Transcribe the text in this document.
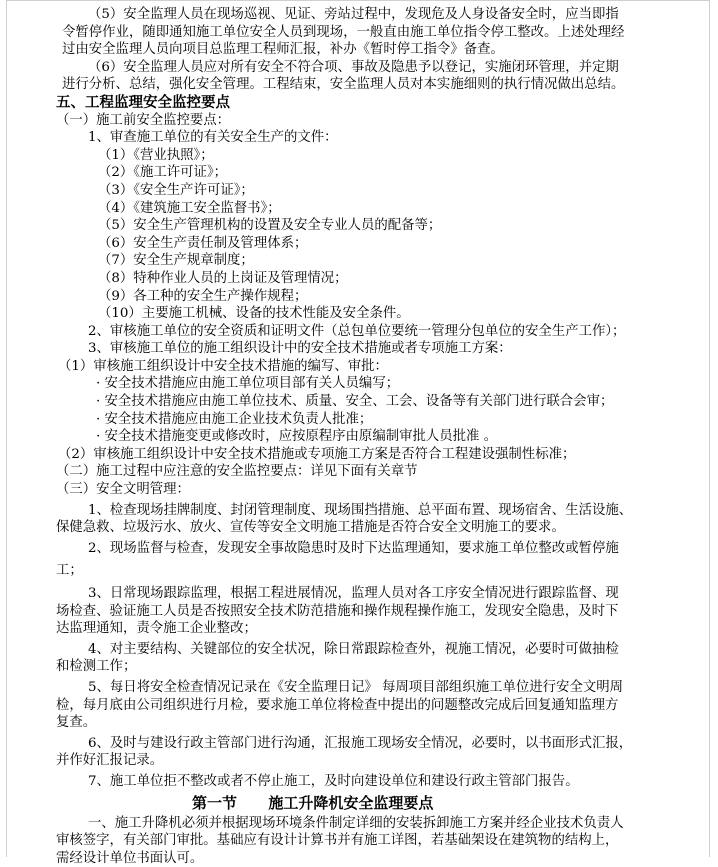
（5）安全监理人员在现场巡视、见证、旁站过程中，发现危及人身设备安全时，应当即指
令暂停作业，随即通知施工单位安全人员到现场，一般直由施工单位指令停工整改。上述处理经
过由安全监理人员向项目总监理工程师汇报，补办《暂时停工指令》备查。
（6）安全监理人员应对所有安全不符合项、事故及隐患予以登记，实施闭环管理，并定期
进行分析、总结，强化安全管理。工程结束，安全监理人员对本实施细则的执行情况做出总结。
五、工程监理安全监控要点
（一）施工前安全监控要点：
1、审查施工单位的有关安全生产的文件：
（1）《营业执照》；
（2）《施工许可证》；
（3）《安全生产许可证》；
（4）《建筑施工安全监督书》；
（5）安全生产管理机构的设置及安全专业人员的配备等；
（6）安全生产责任制及管理体系；
（7）安全生产规章制度；
（8）特种作业人员的上岗证及管理情况；
（9）各工种的安全生产操作规程；
（10）主要施工机械、设备的技术性能及安全条件。
2、审核施工单位的安全资质和证明文件（总包单位要统一管理分包单位的安全生产工作）；
3、审核施工单位的施工组织设计中的安全技术措施或者专项施工方案：
（1）审核施工组织设计中安全技术措施的编写、审批：
· 安全技术措施应由施工单位项目部有关人员编写；
· 安全技术措施应由施工单位技术、质量、安全、工会、设备等有关部门进行联合会审；
· 安全技术措施应由施工企业技术负责人批准；
· 安全技术措施变更或修改时，应按原程序由原编制审批人员批准 。
（2）审核施工组织设计中安全技术措施或专项施工方案是否符合工程建设强制性标准；
（二）施工过程中应注意的安全监控要点：详见下面有关章节
（三）安全文明管理：
1、检查现场挂牌制度、封闭管理制度、现场围挡措施、总平面布置、现场宿舍、生活设施、
保健急救、垃圾污水、放火、宣传等安全文明施工措施是否符合安全文明施工的要求。
2、现场监督与检查，发现安全事故隐患时及时下达监理通知，要求施工单位整改或暂停施
工；
3、日常现场跟踪监理，根据工程进展情况，监理人员对各工序安全情况进行跟踪监督、现
场检查、验证施工人员是否按照安全技术防范措施和操作规程操作施工，发现安全隐患，及时下
达监理通知，责令施工企业整改；
4、对主要结构、关键部位的安全状况，除日常跟踪检查外，视施工情况，必要时可做抽检
和检测工作；
5、每日将安全检查情况记录在《安全监理日记》 每周项目部组织施工单位进行安全文明周
检，每月底由公司组织进行月检，要求施工单位将检查中提出的问题整改完成后回复通知监理方
复查。
6、及时与建设行政主管部门进行沟通，汇报施工现场安全情况，必要时，以书面形式汇报，
并作好汇报记录。
7、施工单位拒不整改或者不停止施工，及时向建设单位和建设行政主管部门报告。
第一节      施工升降机安全监理要点
一、施工升降机必须并根据现场环境条件制定详细的安装拆卸施工方案并经企业技术负责人
审核签字，有关部门审批。基础应有设计计算书并有施工详图，若基础架设在建筑物的结构上，
需经设计单位书面认可。
